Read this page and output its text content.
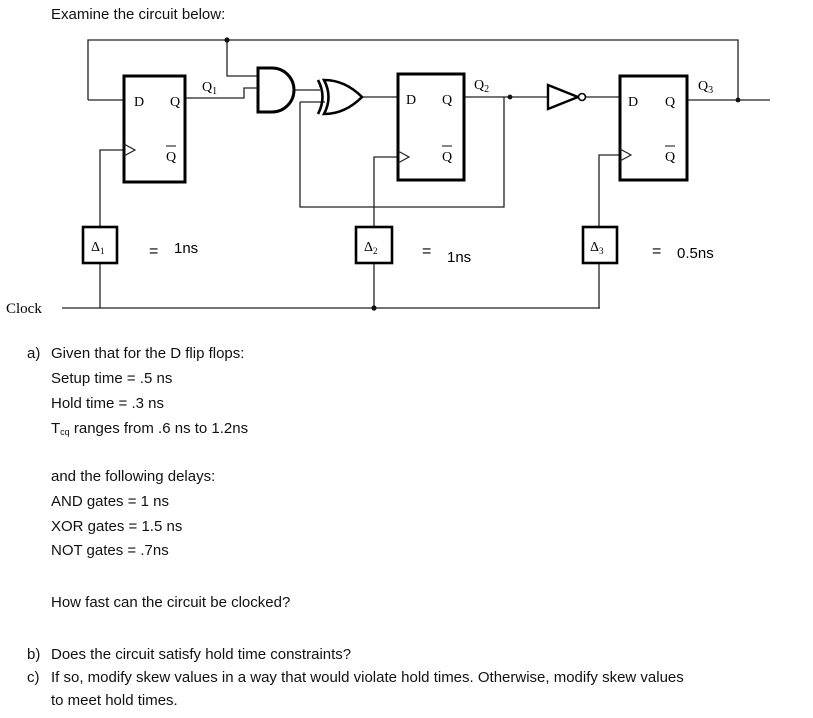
Examine the circuit below:
D Q
Q
$Q_1$
D Q
Q
$Q_2$
D Q
Q
$Q_3$
$\Delta_1$	= 1ns	$\Delta_2$	= 1ns
$\Delta_3$	= 0.5ns
Clock
a) Given that for the D flip flops:
Setup time = .5 ns
Hold time = .3 ns
Tcq ranges from .6 ns to 1.2ns
and the following delays:
AND gates = 1 ns
XOR gates = 1.5 ns
NOT gates = .7ns
How fast can the circuit be clocked?
b) Does the circuit satisfy hold time constraints?
c) If so, modify skew values in a way that would violate hold times. Otherwise, modify skew values
to meet hold times.
